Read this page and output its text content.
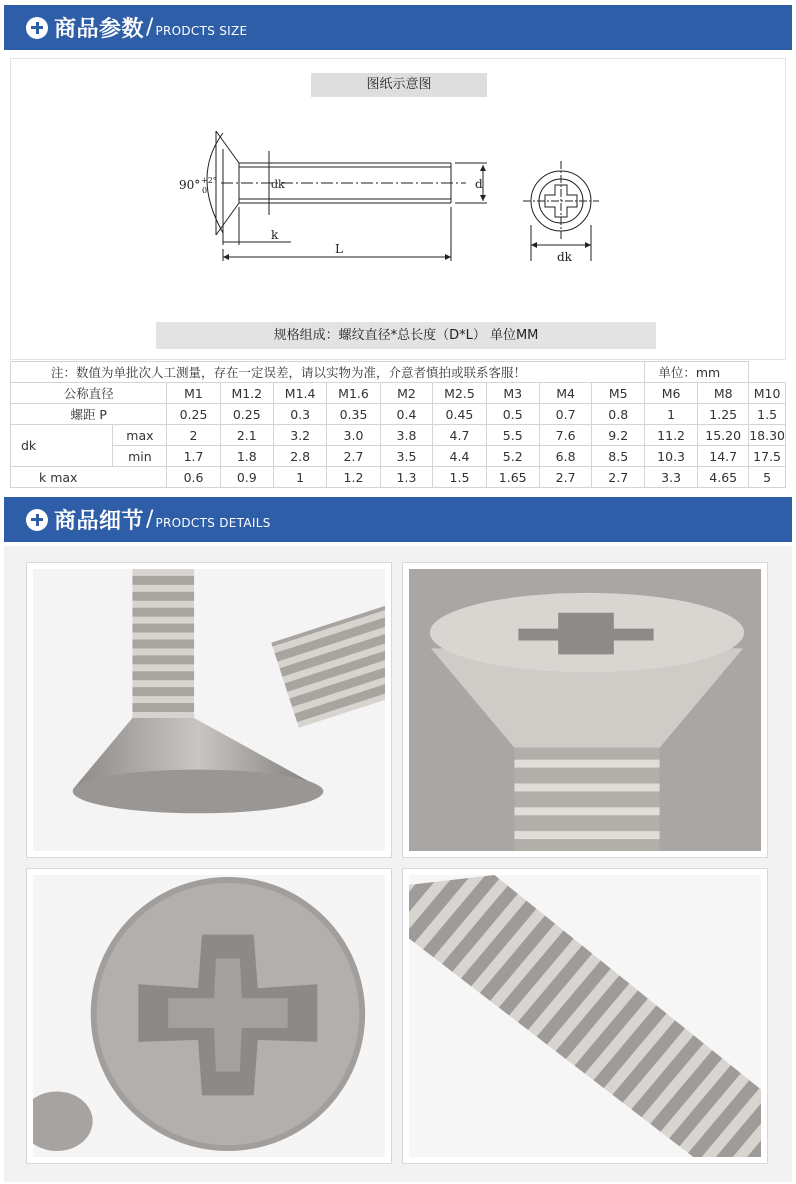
商品参数 / PRODCTS SIZE
图纸示意图
90° +2°
0	dk	d
k
L
dk
规格组成：螺纹直径*总长度（D*L） 单位MM
注：数值为单批次人工测量，存在一定误差，请以实物为准，介意者慎拍或联系客服！											单位：mm		
公称直径		M1	M1.2	M1.4	M1.6	M2	M2.5	M3	M4	M5	M6	M8	M10
螺距 P		0.25	0.25	0.3	0.35	0.4	0.45	0.5	0.7	0.8	1	1.25	1.5
dk	max	2	2.1	3.2	3.0	3.8	4.7	5.5	7.6	9.2	11.2	15.20	18.30
	min	1.7	1.8	2.8	2.7	3.5	4.4	5.2	6.8	8.5	10.3	14.7	17.5
k max		0.6	0.9	1	1.2	1.3	1.5	1.65	2.7	2.7	3.3	4.65	5
商品细节 / PRODCTS DETAILS
